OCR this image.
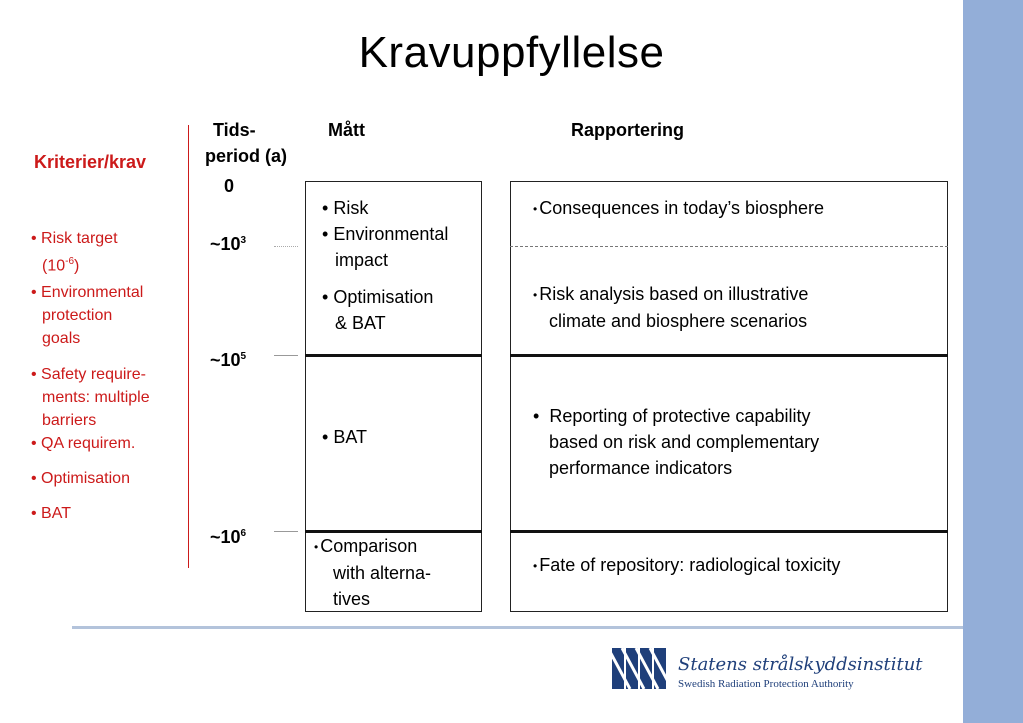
Kravuppfyllelse
Tids-
period (a)
Mått	Rapportering
Kriterier/krav
• Risk target
$(10^{-6})$
• Environmental
protection
goals
• Safety require-
ments: multiple
barriers
• QA requirem.
• Optimisation
• BAT
0
$\sim 10^3$
$\sim 10^5$
$\sim 10^6$
• Risk
• Environmental
impact
• Optimisation
& BAT
• BAT
• Comparison
with alterna-
tives
• Consequences in today’s biosphere
• Risk analysis based on illustrative
climate and biosphere scenarios
• Reporting of protective capability
based on risk and complementary
performance indicators
• Fate of repository: radiological toxicity
Statens strålskyddsinstitut
Swedish Radiation Protection Authority
